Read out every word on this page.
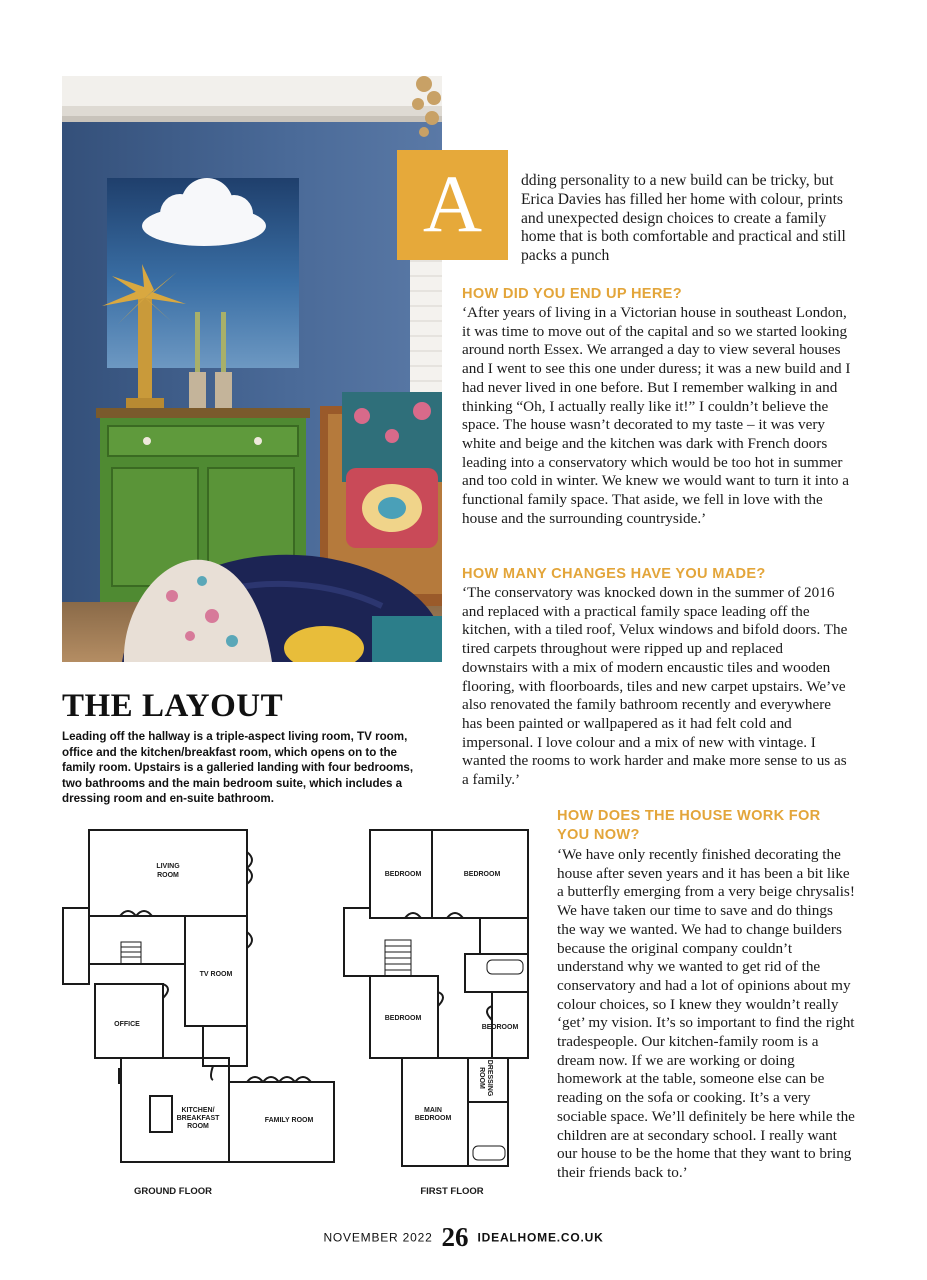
A	dding personality to a new build can be tricky, but Erica Davies has filled her home with colour, prints and unexpected design choices to create a family home that is both comfortable and practical and still packs a punch

HOW DID YOU END UP HERE?

‘After years of living in a Victorian house in southeast London, it was time to move out of the capital and so we started looking around north Essex. We arranged a day to view several houses and I went to see this one under duress; it was a new build and I had never lived in one before. But I remember walking in and thinking “Oh, I actually really like it!” I couldn’t believe the space. The house wasn’t decorated to my taste – it was very white and beige and the kitchen was dark with French doors leading into a conservatory which would be too hot in summer and too cold in winter. We knew we would want to turn it into a functional family space. That aside, we fell in love with the house and the surrounding countryside.’

HOW MANY CHANGES HAVE YOU MADE?

‘The conservatory was knocked down in the summer of 2016 and replaced with a practical family space leading off the kitchen, with a tiled roof, Velux windows and bifold doors. The tired carpets throughout were ripped up and replaced downstairs with a mix of modern encaustic tiles and wooden flooring, with floorboards, tiles and new carpet upstairs. We’ve also renovated the family bathroom recently and everywhere has been painted or wallpapered as it had felt cold and impersonal. I love colour and a mix of new with vintage. I wanted the rooms to work harder and make more sense to us as a family.’

HOW DOES THE HOUSE WORK FOR YOU NOW?

‘We have only recently finished decorating the house after seven years and it has been a bit like a butterfly emerging from a very beige chrysalis! We have taken our time to save and do things the way we wanted. We had to change builders because the original company couldn’t understand why we wanted to get rid of the conservatory and had a lot of opinions about my colour choices, so I knew they wouldn’t really ‘get’ my vision. It’s so important to find the right tradespeople. Our kitchen-family room is a dream now. If we are working or doing homework at the table, someone else can be reading on the sofa or cooking. It’s a very sociable space. We’ll definitely be here while the children are at secondary school. I really want our house to be the home that they want to bring their friends back to.’

THE LAYOUT

Leading off the hallway is a triple-aspect living room, TV room, office and the kitchen/breakfast room, which opens on to the family room. Upstairs is a galleried landing with four bedrooms, two bathrooms and the main bedroom suite, which includes a dressing room and en-suite bathroom.

LIVING
ROOM
TV ROOM
OFFICE
KITCHEN/
BREAKFAST
ROOM
FAMILY ROOM
BEDROOM	BEDROOM
BEDROOM
BEDROOM
MAIN
BEDROOM
DRESSING
ROOM
GROUND FLOOR	FIRST FLOOR
NOVEMBER 2022 26 IDEALHOME.CO.UK
